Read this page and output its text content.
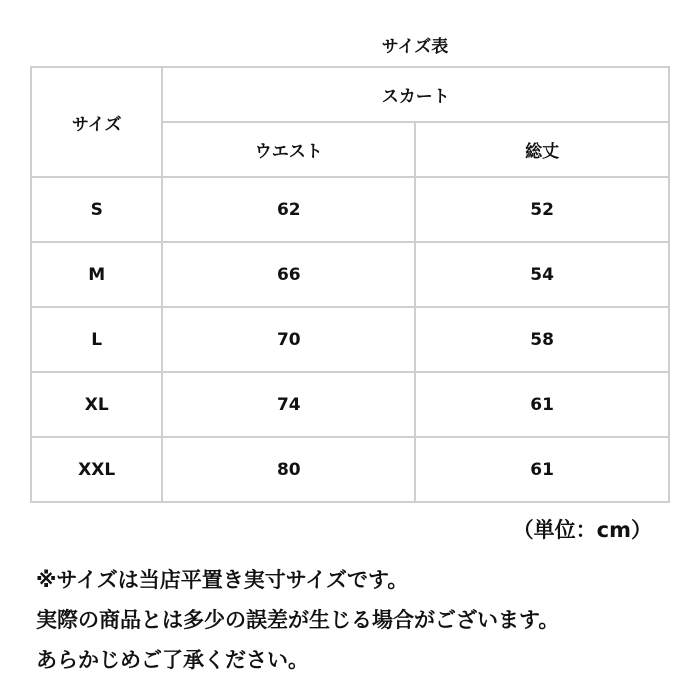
サイズ表
サイズ	スカート	
	ウエスト	総丈
S	62	52
M	66	54
L	70	58
XL	74	61
XXL	80	61
（単位：cm）
※サイズは当店平置き実寸サイズです。
実際の商品とは多少の誤差が生じる場合がございます。
あらかじめご了承ください。
